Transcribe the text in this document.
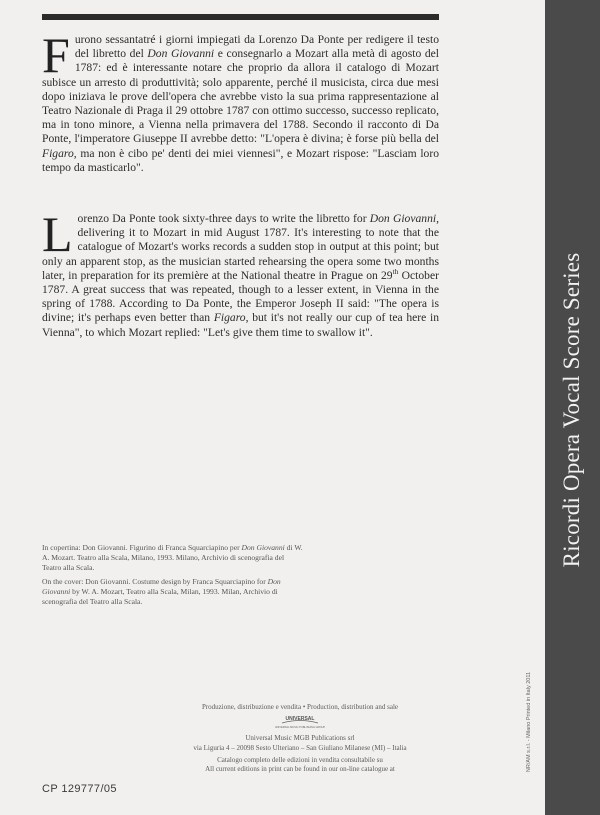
Furono sessantatré i giorni impiegati da Lorenzo Da Ponte per redigere il testo del libretto del Don Giovanni e consegnarlo a Mozart alla metà di agosto del 1787: ed è interessante notare che proprio da allora il catalogo di Mozart subisce un arresto di produttività; solo apparente, perché il musicista, circa due mesi dopo iniziava le prove dell'opera che avrebbe visto la sua prima rappresentazione al Teatro Nazionale di Praga il 29 ottobre 1787 con ottimo successo, successo replicato, ma in tono minore, a Vienna nella primavera del 1788. Secondo il racconto di Da Ponte, l'imperatore Giuseppe II avrebbe detto: "L'opera è divina; è forse più bella del Figaro, ma non è cibo pe' denti dei miei viennesi", e Mozart rispose: "Lasciam loro tempo da masticarlo".
Lorenzo Da Ponte took sixty-three days to write the libretto for Don Giovanni, delivering it to Mozart in mid August 1787. It's interesting to note that the catalogue of Mozart's works records a sudden stop in output at this point; but only an apparent stop, as the musician started rehearsing the opera some two months later, in preparation for its première at the National theatre in Prague on 29th October 1787. A great success that was repeated, though to a lesser extent, in Vienna in the spring of 1788. According to Da Ponte, the Emperor Joseph II said: "The opera is divine; it's perhaps even better than Figaro, but it's not really our cup of tea here in Vienna", to which Mozart replied: "Let's give them time to swallow it".
In copertina: Don Giovanni. Figurino di Franca Squarciapino per Don Giovanni di W. A. Mozart. Teatro alla Scala, Milano, 1993. Milano, Archivio di scenografia del Teatro alla Scala.
On the cover: Don Giovanni. Costume design by Franca Squarciapino for Don Giovanni by W. A. Mozart, Teatro alla Scala, Milan, 1993. Milan, Archivio di scenografia del Teatro alla Scala.
Produzione, distribuzione e vendita • Production, distribution and sale
UNIVERSAL
UNIVERSAL MUSIC PUBLISHING GROUP
Universal Music MGB Publications srl
via Liguria 4 – 20098 Sesto Ulteriano – San Giuliano Milanese (MI) – Italia
Catalogo completo delle edizioni in vendita consultabile su
All current editions in print can be found in our on-line catalogue at
CP 129777/05
NR/AM s.r.l. - Milano Printed in Italy 2011
Ricordi Opera Vocal Score Series
